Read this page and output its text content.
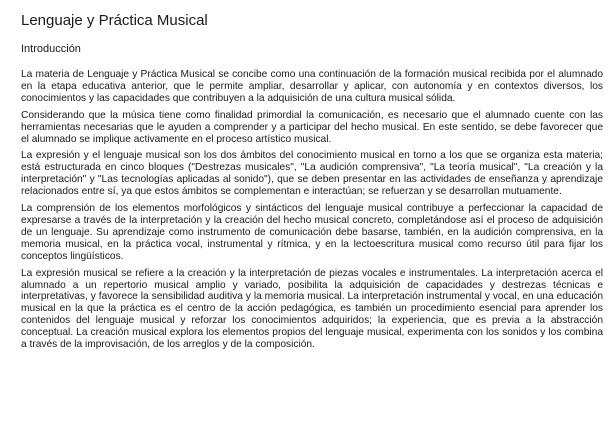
Lenguaje y Práctica Musical
Introducción

La materia de Lenguaje y Práctica Musical se concibe como una continuación de la formación musical recibida por el alumnado en la etapa educativa anterior, que le permite ampliar, desarrollar y aplicar, con autonomía y en contextos diversos, los conocimientos y las capacidades que contribuyen a la adquisición de una cultura musical sólida.

Considerando que la música tiene como finalidad primordial la comunicación, es necesario que el alumnado cuente con las herramientas necesarias que le ayuden a comprender y a participar del hecho musical. En este sentido, se debe favorecer que el alumnado se implique activamente en el proceso artístico musical.

La expresión y el lenguaje musical son los dos ámbitos del conocimiento musical en torno a los que se organiza esta materia; está estructurada en cinco bloques ("Destrezas musicales", "La audición comprensiva", "La teoría musical", "La creación y la interpretación" y "Las tecnologías aplicadas al sonido"), que se deben presentar en las actividades de enseñanza y aprendizaje relacionados entre sí, ya que estos ámbitos se complementan e interactúan; se refuerzan y se desarrollan mutuamente.

La comprensión de los elementos morfológicos y sintácticos del lenguaje musical contribuye a perfeccionar la capacidad de expresarse a través de la interpretación y la creación del hecho musical concreto, completándose así el proceso de adquisición de un lenguaje. Su aprendizaje como instrumento de comunicación debe basarse, también, en la audición comprensiva, en la memoria musical, en la práctica vocal, instrumental y rítmica, y en la lectoescritura musical como recurso útil para fijar los conceptos lingüísticos.

La expresión musical se refiere a la creación y la interpretación de piezas vocales e instrumentales. La interpretación acerca el alumnado a un repertorio musical amplio y variado, posibilita la adquisición de capacidades y destrezas técnicas e interpretativas, y favorece la sensibilidad auditiva y la memoria musical. La interpretación instrumental y vocal, en una educación musical en la que la práctica es el centro de la acción pedagógica, es también un procedimiento esencial para aprender los contenidos del lenguaje musical y reforzar los conocimientos adquiridos; la experiencia, que es previa a la abstracción conceptual. La creación musical explora los elementos propios del lenguaje musical, experimenta con los sonidos y los combina a través de la improvisación, de los arreglos y de la composición.
